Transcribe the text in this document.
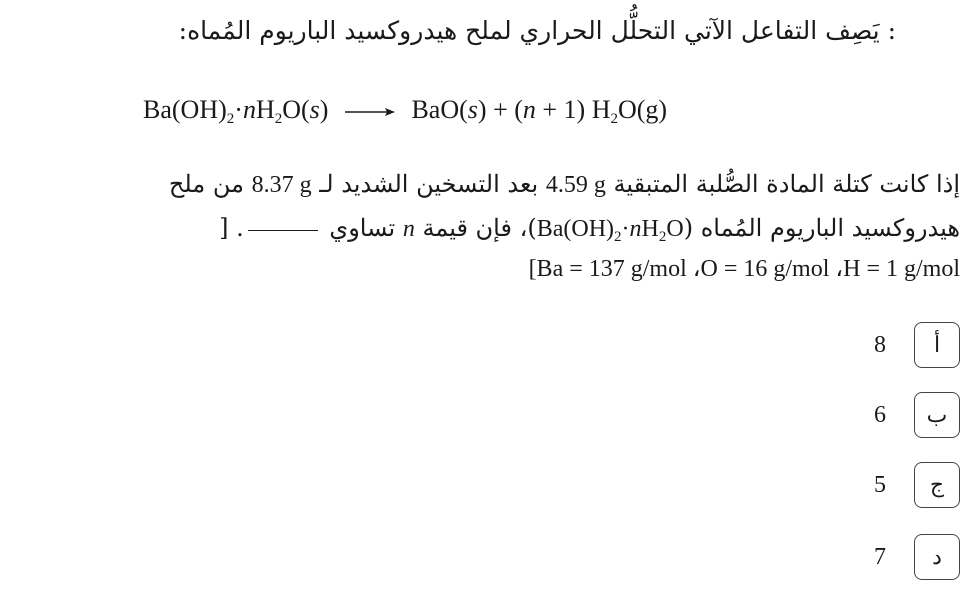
: يَصِف التفاعل الآتي التحلُّل الحراري لملح هيدروكسيد الباريوم المُماه:
$Ba(OH)_2\cdot nH_2O(s) \to BaO(s) + (n + 1)$ $H_2O(g)$
إذا كانت كتلة المادة الصُّلبة المتبقية 4.59 g بعد التسخين الشديد لـ 8.37 g من ملح
هيدروكسيد الباريوم المُماه $(Ba(OH)_2\cdot nH_2O)،$ فإن قيمة n تساوي . [
[Ba = 137 g/mol ،O = 16 g/mol ،H = 1 g/mol
8	أ
6	ب
5	ج
7	د
